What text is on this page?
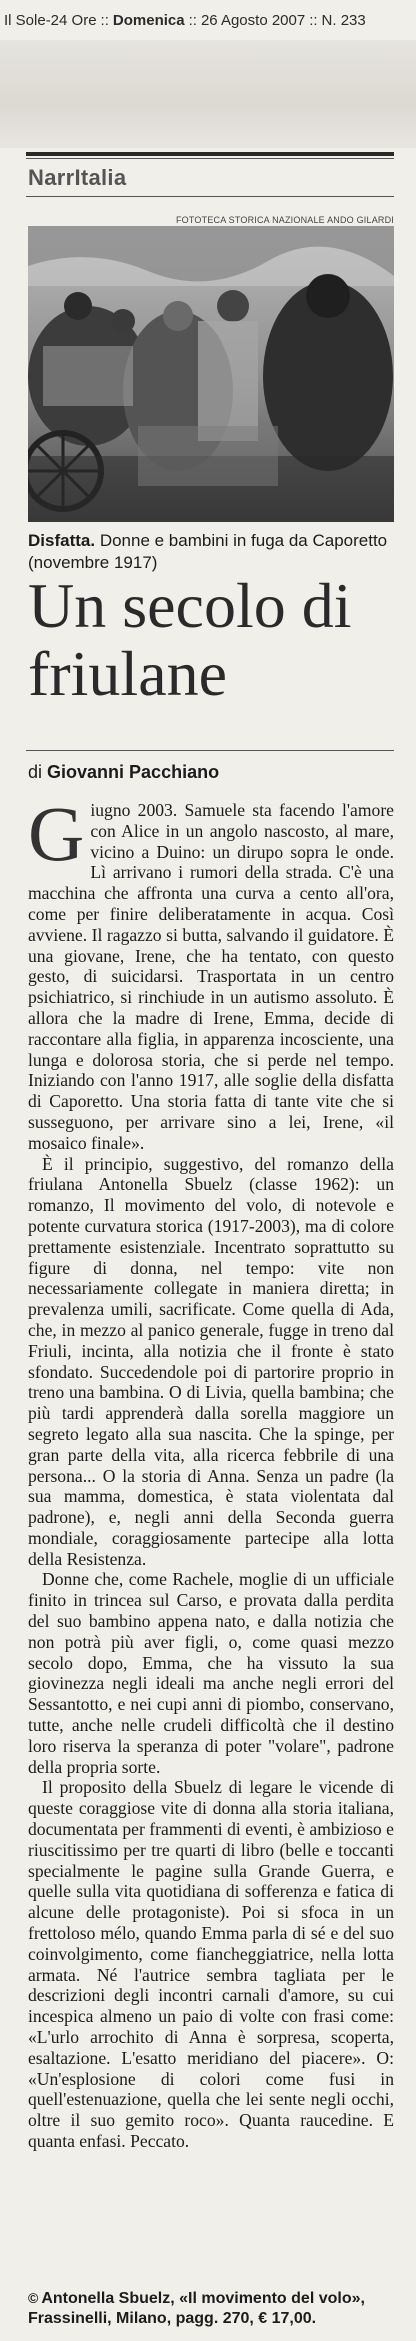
Il Sole-24 Ore :: Domenica :: 26 Agosto 2007 :: N. 233
NarrItalia
FOTOTECA STORICA NAZIONALE ANDO GILARDI
Disfatta. Donne e bambini in fuga da Caporetto (novembre 1917)
Un secolo di friulane
di Giovanni Pacchiano

Giugno 2003. Samuele sta facendo l'amore con Alice in un angolo nascosto, al mare, vicino a Duino: un dirupo sopra le onde. Lì arrivano i rumori della strada. C'è una macchina che affronta una curva a cento all'ora, come per finire deliberatamente in acqua. Così avviene. Il ragazzo si butta, salvando il guidatore. È una giovane, Irene, che ha tentato, con questo gesto, di suicidarsi. Trasportata in un centro psichiatrico, si rinchiude in un autismo assoluto. È allora che la madre di Irene, Emma, decide di raccontare alla figlia, in apparenza incosciente, una lunga e dolorosa storia, che si perde nel tempo. Iniziando con l'anno 1917, alle soglie della disfatta di Caporetto. Una storia fatta di tante vite che si susseguono, per arrivare sino a lei, Irene, «il mosaico finale».

È il principio, suggestivo, del romanzo della friulana Antonella Sbuelz (classe 1962): un romanzo, Il movimento del volo, di notevole e potente curvatura storica (1917-2003), ma di colore prettamente esistenziale. Incentrato soprattutto su figure di donna, nel tempo: vite non necessariamente collegate in maniera diretta; in prevalenza umili, sacrificate. Come quella di Ada, che, in mezzo al panico generale, fugge in treno dal Friuli, incinta, alla notizia che il fronte è stato sfondato. Succedendole poi di partorire proprio in treno una bambina. O di Livia, quella bambina; che più tardi apprenderà dalla sorella maggiore un segreto legato alla sua nascita. Che la spinge, per gran parte della vita, alla ricerca febbrile di una persona... O la storia di Anna. Senza un padre (la sua mamma, domestica, è stata violentata dal padrone), e, negli anni della Seconda guerra mondiale, coraggiosamente partecipe alla lotta della Resistenza.

Donne che, come Rachele, moglie di un ufficiale finito in trincea sul Carso, e provata dalla perdita del suo bambino appena nato, e dalla notizia che non potrà più aver figli, o, come quasi mezzo secolo dopo, Emma, che ha vissuto la sua giovinezza negli ideali ma anche negli errori del Sessantotto, e nei cupi anni di piombo, conservano, tutte, anche nelle crudeli difficoltà che il destino loro riserva la speranza di poter "volare", padrone della propria sorte.

Il proposito della Sbuelz di legare le vicende di queste coraggiose vite di donna alla storia italiana, documentata per frammenti di eventi, è ambizioso e riuscitissimo per tre quarti di libro (belle e toccanti specialmente le pagine sulla Grande Guerra, e quelle sulla vita quotidiana di sofferenza e fatica di alcune delle protagoniste). Poi si sfoca in un frettoloso mélo, quando Emma parla di sé e del suo coinvolgimento, come fiancheggiatrice, nella lotta armata. Né l'autrice sembra tagliata per le descrizioni degli incontri carnali d'amore, su cui incespica almeno un paio di volte con frasi come: «L'urlo arrochito di Anna è sorpresa, scoperta, esaltazione. L'esatto meridiano del piacere». O: «Un'esplosione di colori come fusi in quell'estenuazione, quella che lei sente negli occhi, oltre il suo gemito roco». Quanta raucedine. E quanta enfasi. Peccato.

© Antonella Sbuelz, «Il movimento del volo», Frassinelli, Milano, pagg. 270, € 17,00.
